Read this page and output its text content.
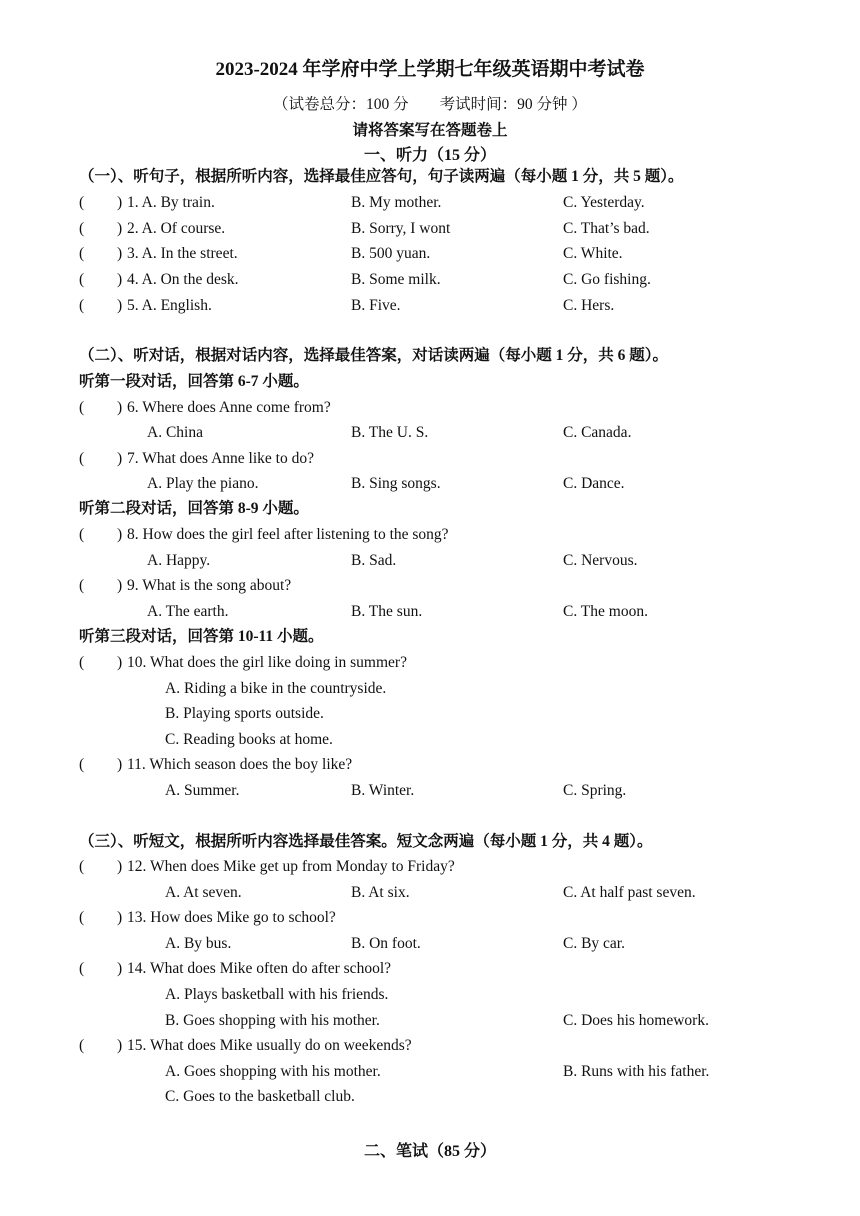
2023-2024 年学府中学上学期七年级英语期中考试卷
（试卷总分：100 分　　考试时间：90 分钟 ）
请将答案写在答题卷上
一、听力（15 分）
（一）、听句子，根据所听内容，选择最佳应答句，句子读两遍（每小题 1 分，共 5 题）。
( ) 1. A. By train.	B. My mother.	C. Yesterday.
( ) 2. A. Of course.	B. Sorry, I wont	C. That’s bad.
( ) 3. A. In the street.	B. 500 yuan.	C. White.
( ) 4. A. On the desk.	B. Some milk.	C. Go fishing.
( ) 5. A. English.	B. Five.	C. Hers.
（二）、听对话，根据对话内容，选择最佳答案，对话读两遍（每小题 1 分，共 6 题）。
听第一段对话，回答第 6-7 小题。
( ) 6. Where does Anne come from?
A. China	B. The U. S.	C. Canada.
( ) 7. What does Anne like to do?
A. Play the piano.	B. Sing songs.	C. Dance.
听第二段对话，回答第 8-9 小题。
( ) 8. How does the girl feel after listening to the song?
A. Happy.	B. Sad.	C. Nervous.
( ) 9. What is the song about?
A. The earth.	B. The sun.	C. The moon.
听第三段对话，回答第 10-11 小题。
( ) 10. What does the girl like doing in summer?
A. Riding a bike in the countryside.
B. Playing sports outside.
C. Reading books at home.
( ) 11. Which season does the boy like?
A. Summer.	B. Winter.	C. Spring.
（三）、听短文，根据所听内容选择最佳答案。短文念两遍（每小题 1 分，共 4 题）。
( ) 12. When does Mike get up from Monday to Friday?
A. At seven.	B. At six.	C. At half past seven.
( ) 13. How does Mike go to school?
A. By bus.	B. On foot.	C. By car.
( ) 14. What does Mike often do after school?
A. Plays basketball with his friends.
B. Goes shopping with his mother.	C. Does his homework.
( ) 15. What does Mike usually do on weekends?
A. Goes shopping with his mother.	B. Runs with his father.
C. Goes to the basketball club.
二、笔试（85 分）
